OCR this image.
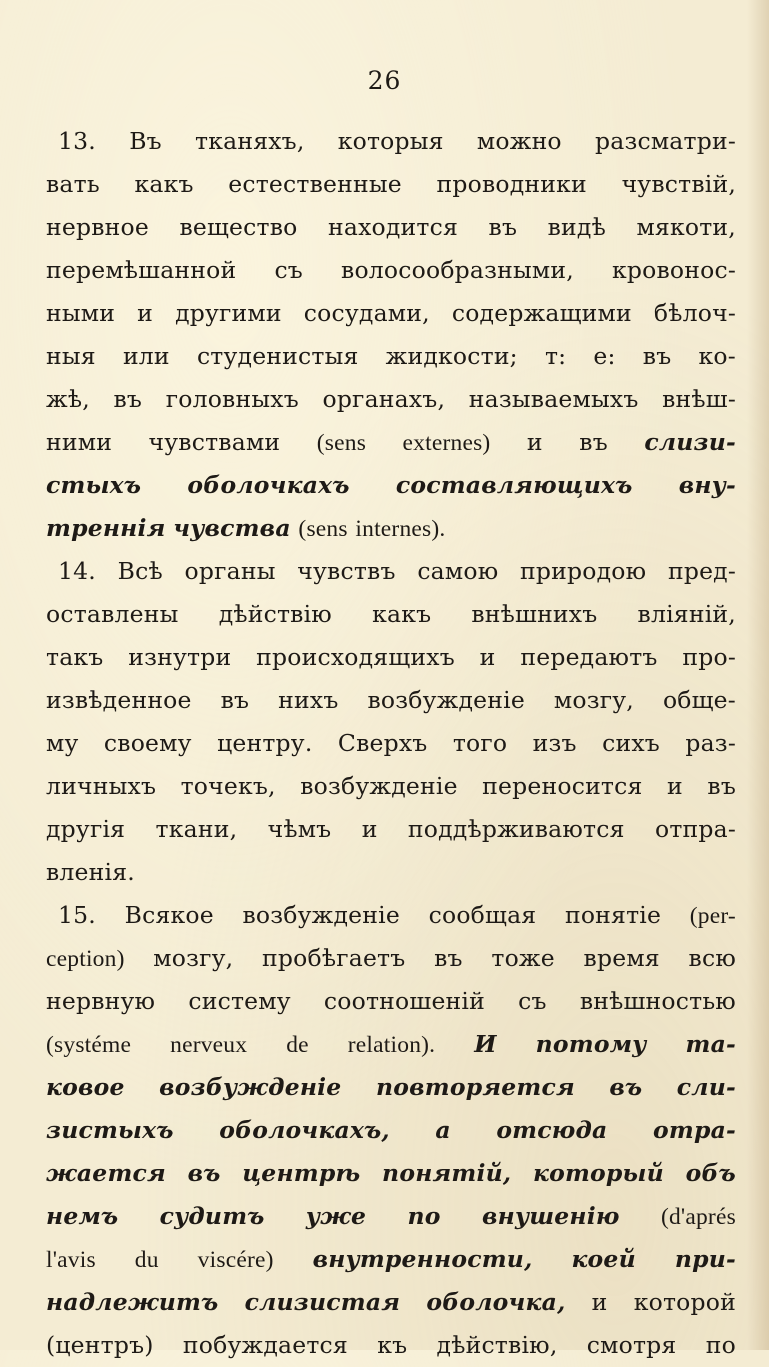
26
13. Въ тканяхъ, которыя можно разсматри-
вать какъ естественные проводники чувствій,
нервное вещество находится въ видѣ мякоти,
перемѣшанной съ волосообразными, кровонос-
ными и другими сосудами, содержащими бѣлоч-
ныя или студенистыя жидкости; т: е: въ ко-
жѣ, въ головныхъ органахъ, называемыхъ внѣш-
ними чувствами (sens externes) и въ слизи-
стыхъ оболочкахъ составляющихъ вну-
треннія
чувства
(sens
internes).
14. Всѣ органы чувствъ самою природою пред-
оставлены дѣйствію какъ внѣшнихъ вліяній,
такъ изнутри происходящихъ и передаютъ про-
извѣденное въ нихъ возбужденіе мозгу, обще-
му своему центру. Сверхъ того изъ сихъ раз-
личныхъ точекъ, возбужденіе переносится и въ
другія ткани, чѣмъ и поддѣрживаются отпра-
вленія.
15. Всякое возбужденіе сообщая понятіе (per-
ception) мозгу, пробѣгаетъ въ тоже время всю
нервную систему соотношеній съ внѣшностью
(systéme nerveux de relation). И потому та-
ковое возбужденіе повторяется въ сли-
зистыхъ оболочкахъ, а отсюда отра-
жается въ центрѣ понятій, который объ
немъ судитъ уже по внушенію (d'aprés
l'avis du viscére) внутренности, коей при-
надлежитъ слизистая оболочка, и которой
(центръ) побуждается къ дѣйствію, смотря по
